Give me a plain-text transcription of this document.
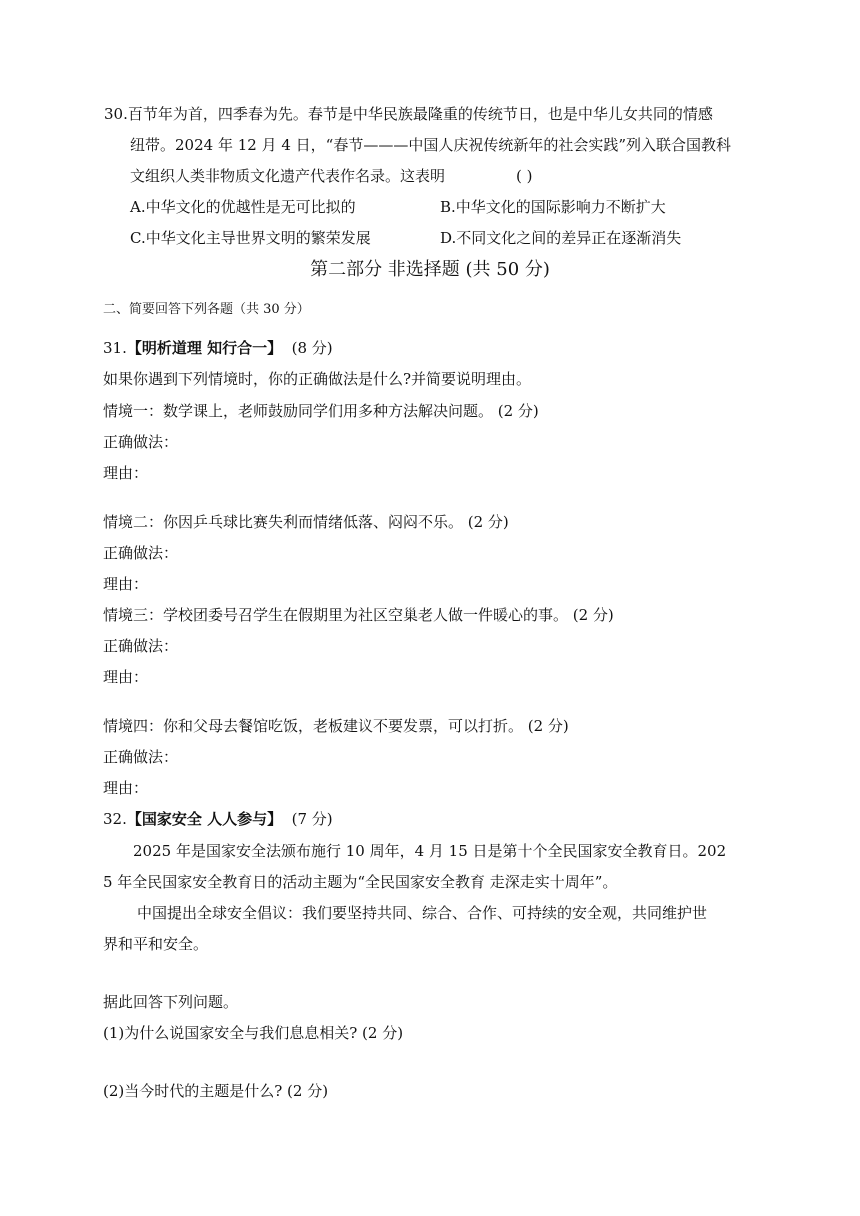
30.百节年为首，四季春为先。春节是中华民族最隆重的传统节日，也是中华儿女共同的情感
纽带。2024 年 12 月 4 日，“春节———中国人庆祝传统新年的社会实践”列入联合国教科
文组织人类非物质文化遗产代表作名录。这表明	( )
A.中华文化的优越性是无可比拟的	B.中华文化的国际影响力不断扩大
C.中华文化主导世界文明的繁荣发展	D.不同文化之间的差异正在逐渐消失
第二部分 非选择题 (共 50 分)
二、简要回答下列各题（共 30 分）
31.【明析道理 知行合一】 (8 分)
如果你遇到下列情境时，你的正确做法是什么?并简要说明理由。
情境一：数学课上，老师鼓励同学们用多种方法解决问题。 (2 分)
正确做法：
理由：
情境二：你因乒乓球比赛失利而情绪低落、闷闷不乐。 (2 分)
正确做法：
理由：
情境三：学校团委号召学生在假期里为社区空巢老人做一件暖心的事。 (2 分)
正确做法：
理由：
情境四：你和父母去餐馆吃饭，老板建议不要发票，可以打折。 (2 分)
正确做法：
理由：
32.【国家安全 人人参与】 (7 分)
2025 年是国家安全法颁布施行 10 周年，4 月 15 日是第十个全民国家安全教育日。202
5 年全民国家安全教育日的活动主题为“全民国家安全教育 走深走实十周年”。
中国提出全球安全倡议：我们要坚持共同、综合、合作、可持续的安全观，共同维护世
界和平和安全。
据此回答下列问题。
(1)为什么说国家安全与我们息息相关? (2 分)
(2)当今时代的主题是什么? (2 分)
